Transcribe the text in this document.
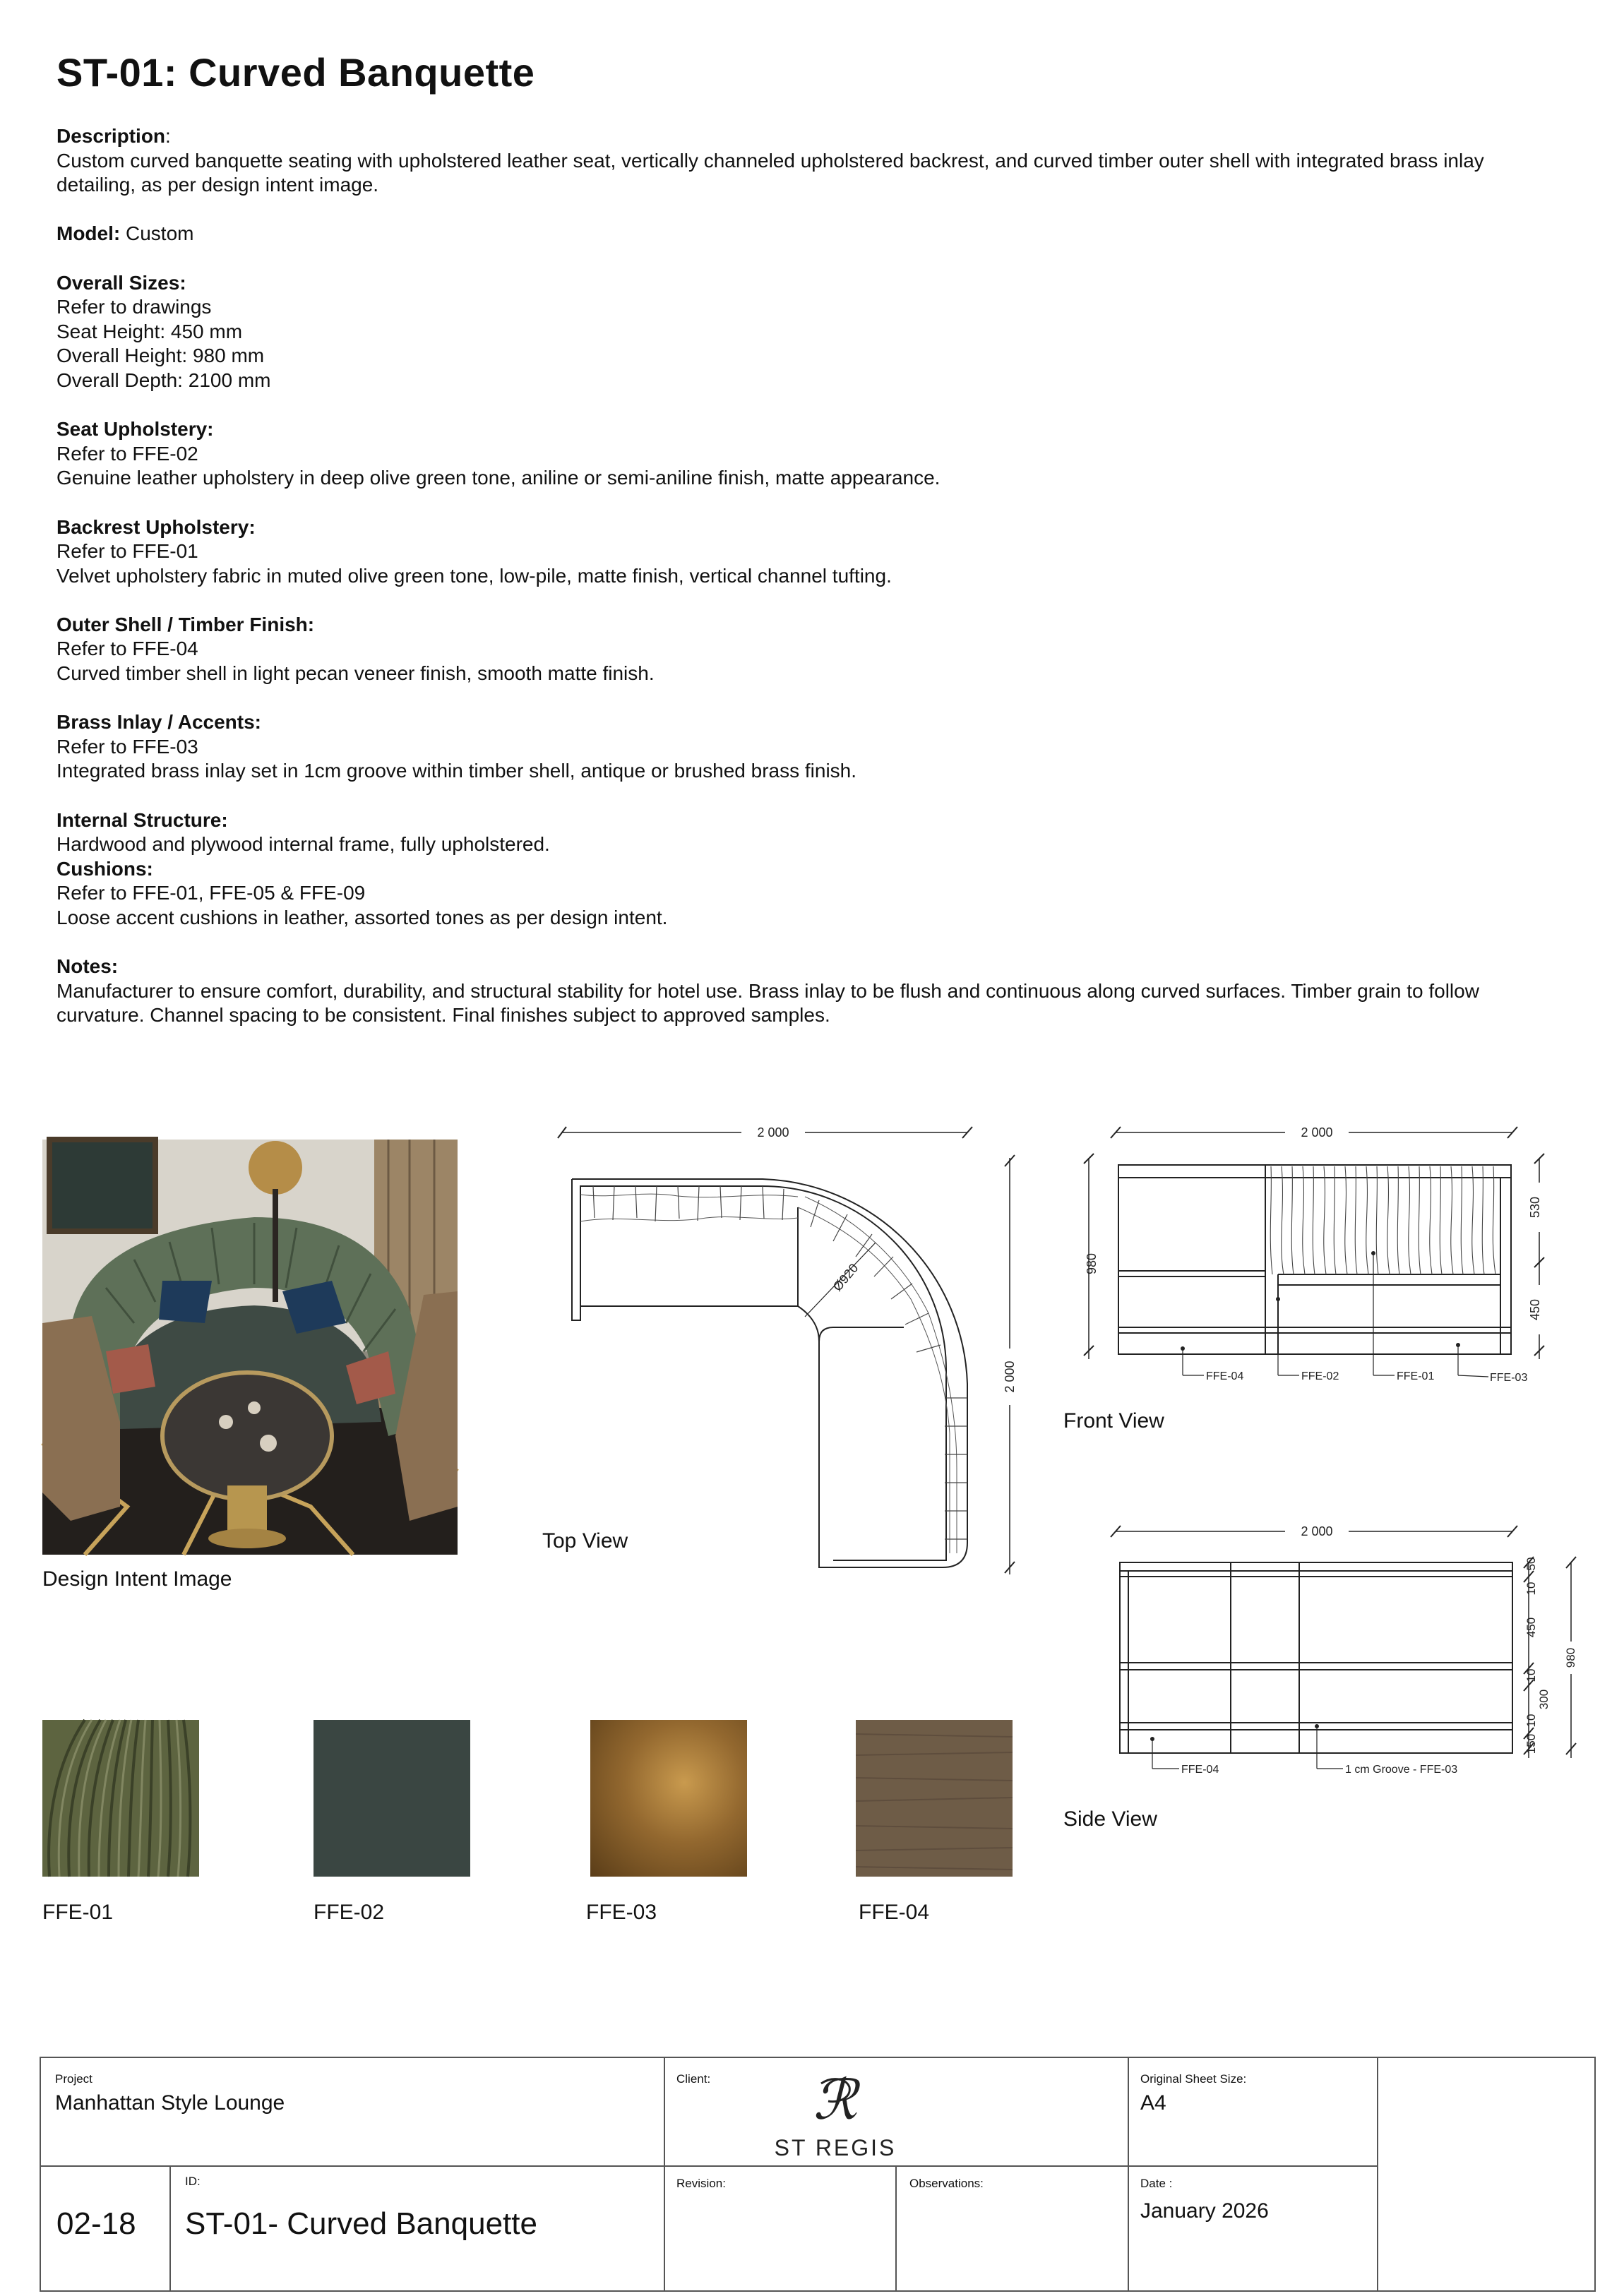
ST-01: Curved Banquette
Description:
Custom curved banquette seating with upholstered leather seat, vertically channeled upholstered backrest, and curved timber outer shell with integrated brass inlay detailing, as per design intent image.
Model: Custom
Overall Sizes:
Refer to drawings
Seat Height: 450 mm
Overall Height: 980 mm
Overall Depth: 2100 mm
Seat Upholstery:
Refer to FFE-02
Genuine leather upholstery in deep olive green tone, aniline or semi-aniline finish, matte appearance.
Backrest Upholstery:
Refer to FFE-01
Velvet upholstery fabric in muted olive green tone, low-pile, matte finish, vertical channel tufting.
Outer Shell / Timber Finish:
Refer to FFE-04
Curved timber shell in light pecan veneer finish, smooth matte finish.
Brass Inlay / Accents:
Refer to FFE-03
Integrated brass inlay set in 1cm groove within timber shell, antique or brushed brass finish.
Internal Structure:
Hardwood and plywood internal frame, fully upholstered.
Cushions:
Refer to FFE-01, FFE-05 & FFE-09
Loose accent cushions in leather, assorted tones as per design intent.
Notes:
Manufacturer to ensure comfort, durability, and structural stability for hotel use. Brass inlay to be flush and continuous along curved surfaces. Timber grain to follow curvature. Channel spacing to be consistent. Final finishes subject to approved samples.
Design Intent Image
2 000
2 000
Ø920
Top View
2 000
980
530
450
FFE-04	FFE-02	FFE-01	FFE-03
Front View
2 000
10
50
450
10
300
10
150
980
FFE-04	1 cm Groove - FFE-03
Side View
FFE-01	FFE-02	FFE-03	FFE-04
Project
Manhattan Style Lounge
Client: ℛ
ST REGIS
Original Sheet Size:
A4
02-18
ID:
ST-01- Curved Banquette
Revision:	Observations:	Date :
January 2026
